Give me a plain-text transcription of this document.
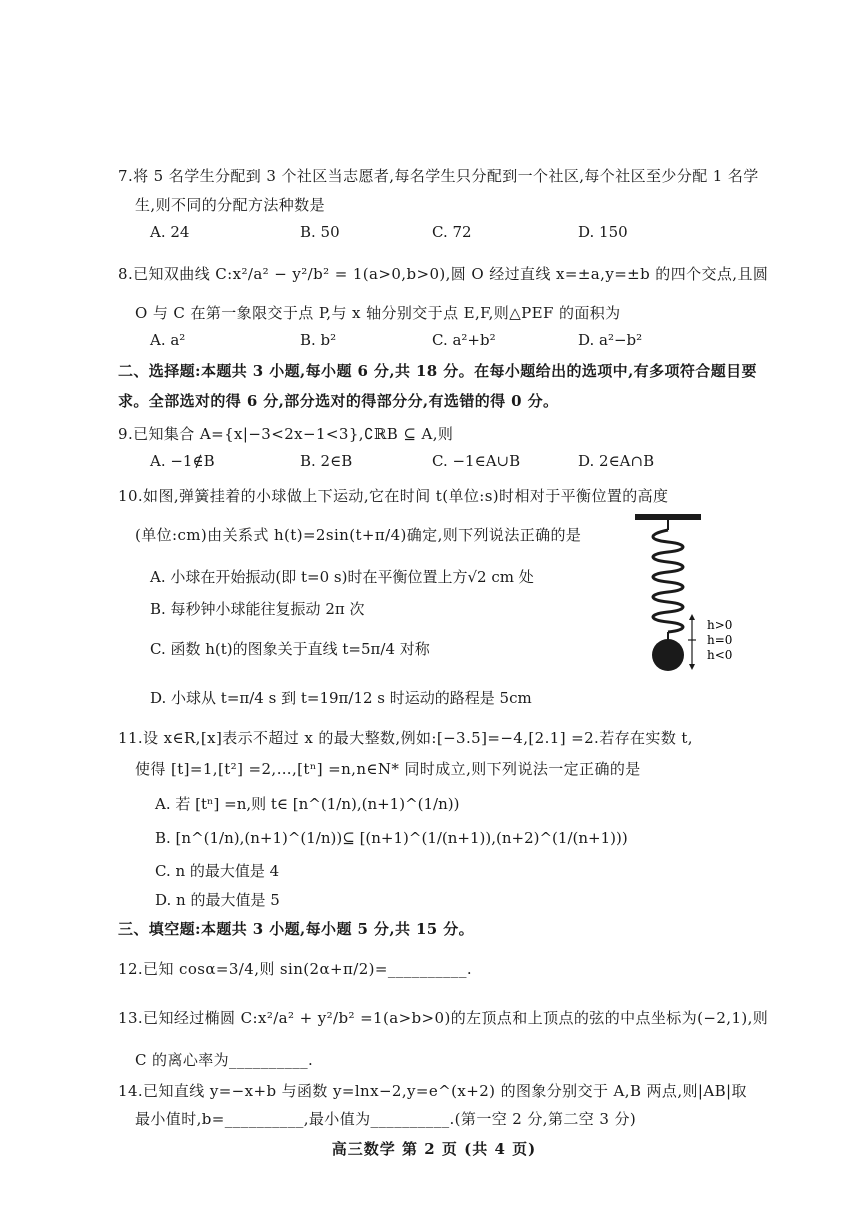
7.将 5 名学生分配到 3 个社区当志愿者,每名学生只分配到一个社区,每个社区至少分配 1 名学
生,则不同的分配方法种数是
A. 24	B. 50	C. 72	D. 150
8.已知双曲线 C:x²/a² − y²/b² = 1(a>0,b>0),圆 O 经过直线 x=±a,y=±b 的四个交点,且圆
O 与 C 在第一象限交于点 P,与 x 轴分别交于点 E,F,则△PEF 的面积为
A. a²	B. b²	C. a²+b²	D. a²−b²
二、选择题:本题共 3 小题,每小题 6 分,共 18 分。在每小题给出的选项中,有多项符合题目要
求。全部选对的得 6 分,部分选对的得部分分,有选错的得 0 分。
9.已知集合 A={x|−3<2x−1<3},∁ℝB ⊆ A,则
A. −1∉B	B. 2∈B	C. −1∈A∪B	D. 2∈A∩B
10.如图,弹簧挂着的小球做上下运动,它在时间 t(单位:s)时相对于平衡位置的高度
(单位:cm)由关系式 h(t)=2sin(t+π/4)确定,则下列说法正确的是
A. 小球在开始振动(即 t=0 s)时在平衡位置上方√2 cm 处
B. 每秒钟小球能往复振动 2π 次
C. 函数 h(t)的图象关于直线 t=5π/4 对称
D. 小球从 t=π/4 s 到 t=19π/12 s 时运动的路程是 5cm
h>0
h=0
h<0
11.设 x∈R,[x]表示不超过 x 的最大整数,例如:[−3.5]=−4,[2.1] =2.若存在实数 t,
使得 [t]=1,[t²] =2,…,[tⁿ] =n,n∈N* 同时成立,则下列说法一定正确的是
A. 若 [tⁿ] =n,则 t∈ [n^(1/n),(n+1)^(1/n))
B. [n^(1/n),(n+1)^(1/n))⊆ [(n+1)^(1/(n+1)),(n+2)^(1/(n+1)))
C. n 的最大值是 4
D. n 的最大值是 5
三、填空题:本题共 3 小题,每小题 5 分,共 15 分。
12.已知 cosα=3/4,则 sin(2α+π/2)=__________.
13.已知经过椭圆 C:x²/a² + y²/b² =1(a>b>0)的左顶点和上顶点的弦的中点坐标为(−2,1),则
C 的离心率为__________.
14.已知直线 y=−x+b 与函数 y=lnx−2,y=e^(x+2) 的图象分别交于 A,B 两点,则|AB|取
最小值时,b=__________,最小值为__________.(第一空 2 分,第二空 3 分)
高三数学 第 2 页 (共 4 页)
